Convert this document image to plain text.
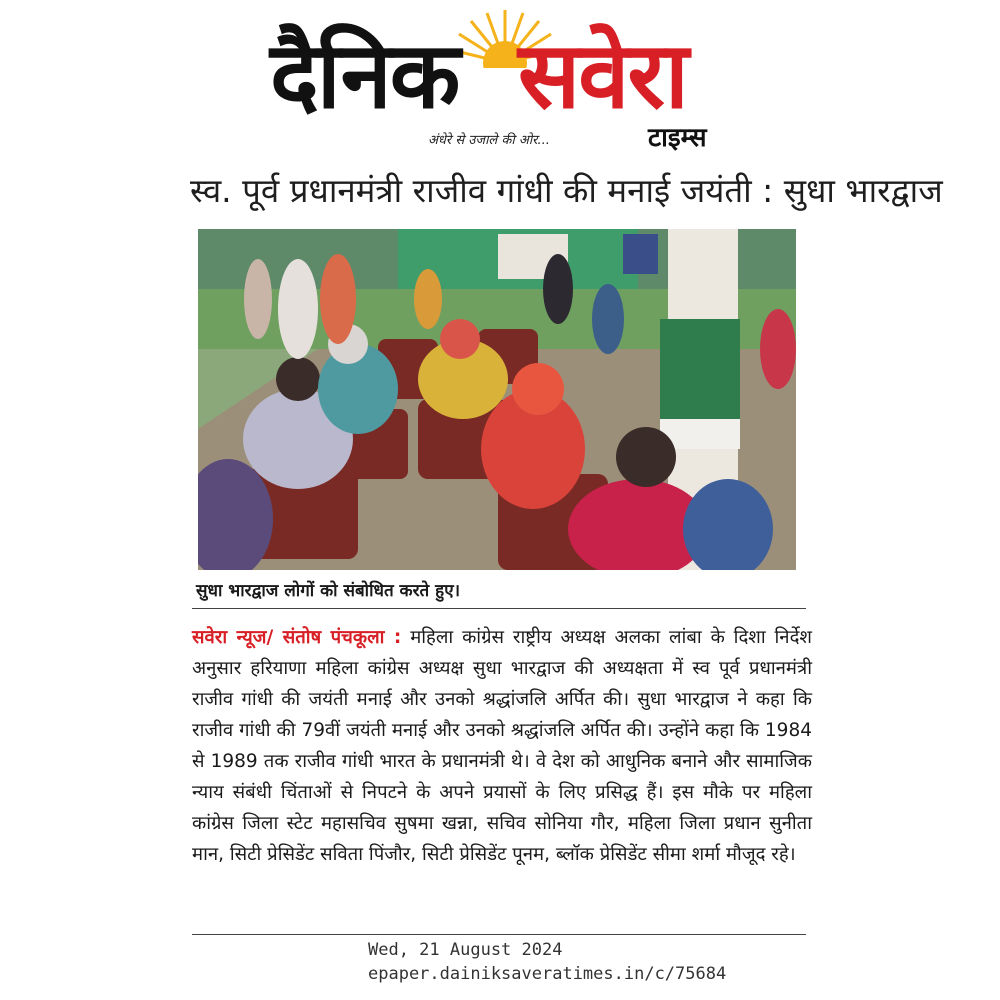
दैनिक सवेरा
अंधेरे से उजाले की ओर...	टाइम्स
स्व. पूर्व प्रधानमंत्री राजीव गांधी की मनाई जयंती : सुधा भारद्वाज
सुधा भारद्वाज लोगों को संबोधित करते हुए।
सवेरा न्यूज/ संतोष पंचकूला : महिला कांग्रेस राष्ट्रीय अध्यक्ष अलका लांबा के दिशा निर्देश अनुसार हरियाणा महिला कांग्रेस अध्यक्ष सुधा भारद्वाज की अध्यक्षता में स्व पूर्व प्रधानमंत्री राजीव गांधी की जयंती मनाई और उनको श्रद्धांजलि अर्पित की। सुधा भारद्वाज ने कहा कि राजीव गांधी की 79वीं जयंती मनाई और उनको श्रद्धांजलि अर्पित की। उन्होंने कहा कि 1984 से 1989 तक राजीव गांधी भारत के प्रधानमंत्री थे। वे देश को आधुनिक बनाने और सामाजिक न्याय संबंधी चिंताओं से निपटने के अपने प्रयासों के लिए प्रसिद्ध हैं। इस मौके पर महिला कांग्रेस जिला स्टेट महासचिव सुषमा खन्ना, सचिव सोनिया गौर, महिला जिला प्रधान सुनीता मान, सिटी प्रेसिडेंट सविता पिंजौर, सिटी प्रेसिडेंट पूनम, ब्लॉक प्रेसिडेंट सीमा शर्मा मौजूद रहे।
Wed, 21 August 2024
epaper.dainiksaveratimes.in/c/75684
